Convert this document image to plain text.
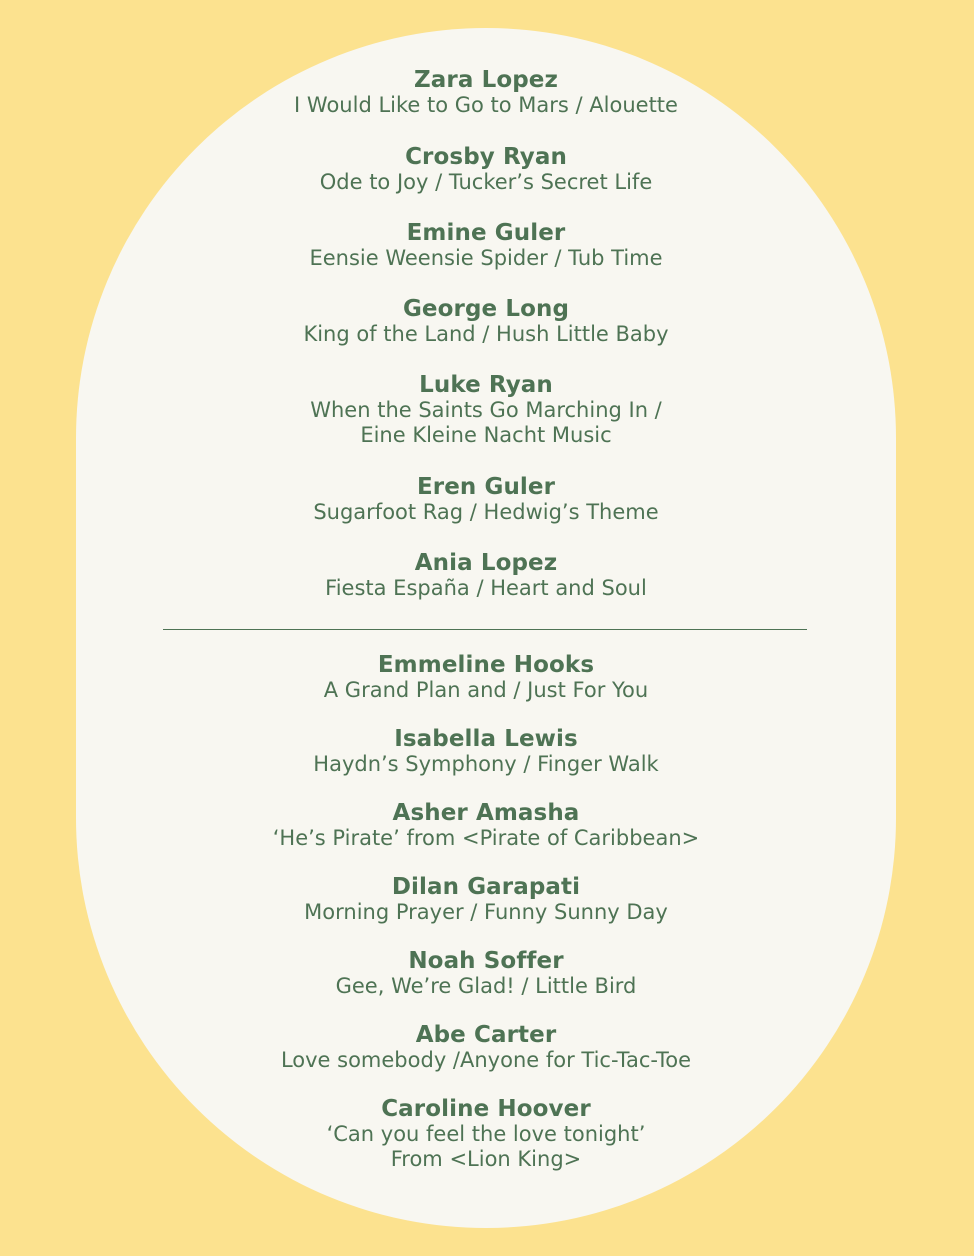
Zara Lopez
I Would Like to Go to Mars / Alouette
Crosby Ryan
Ode to Joy / Tucker’s Secret Life
Emine Guler
Eensie Weensie Spider / Tub Time
George Long
King of the Land / Hush Little Baby
Luke Ryan
When the Saints Go Marching In /
Eine Kleine Nacht Music
Eren Guler
Sugarfoot Rag / Hedwig’s Theme
Ania Lopez
Fiesta España / Heart and Soul
Emmeline Hooks
A Grand Plan and / Just For You
Isabella Lewis
Haydn’s Symphony / Finger Walk
Asher Amasha
‘He’s Pirate’ from <Pirate of Caribbean>
Dilan Garapati
Morning Prayer / Funny Sunny Day
Noah Soffer
Gee, We’re Glad! / Little Bird
Abe Carter
Love somebody /Anyone for Tic-Tac-Toe
Caroline Hoover
‘Can you feel the love tonight’
From <Lion King>
